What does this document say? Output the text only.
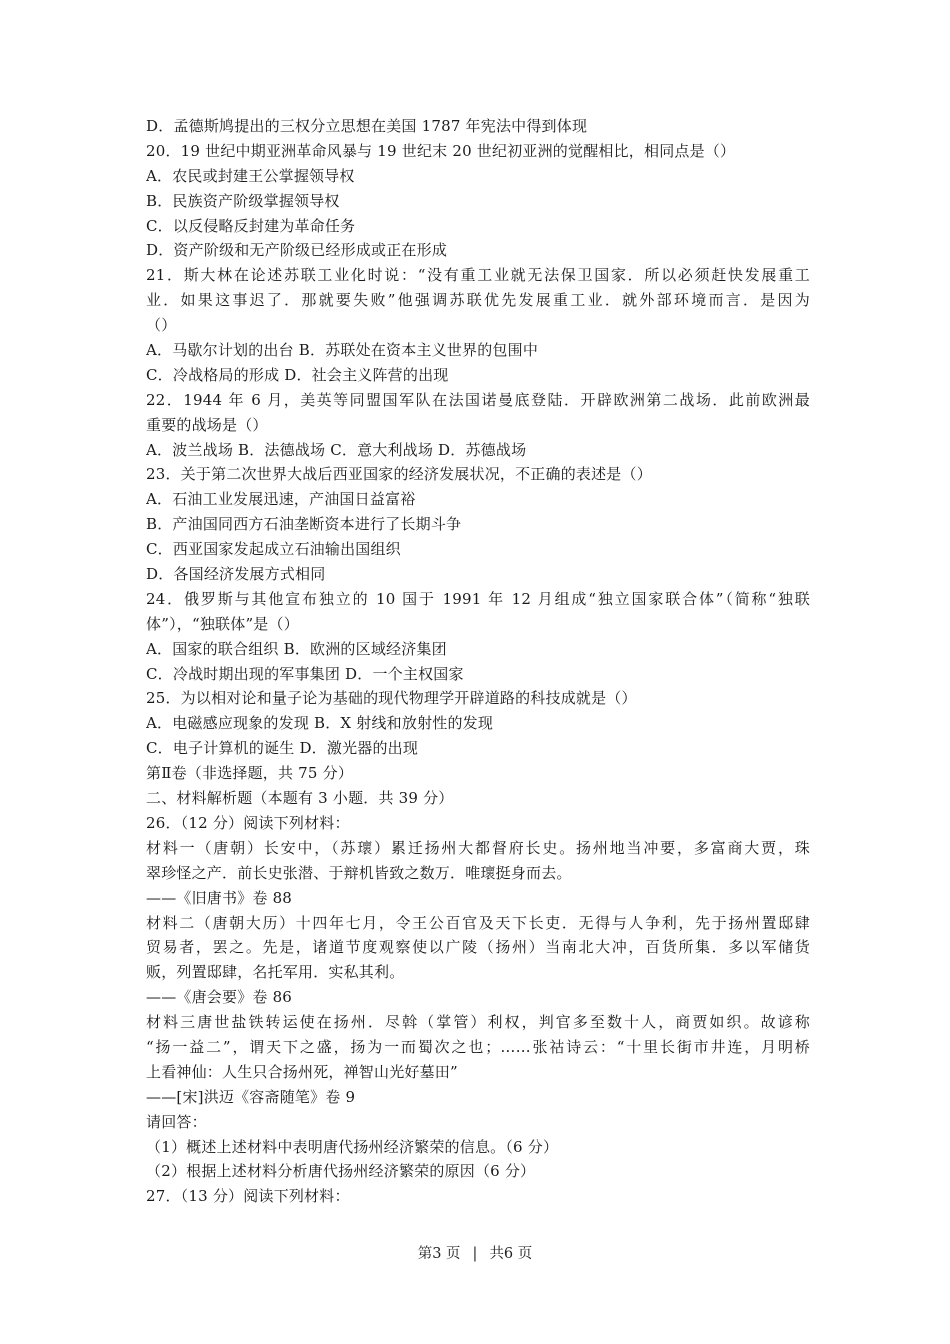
D．孟德斯鸠提出的三权分立思想在美国 1787 年宪法中得到体现
20．19 世纪中期亚洲革命风暴与 19 世纪末 20 世纪初亚洲的觉醒相比，相同点是（）
A．农民或封建王公掌握领导权
B．民族资产阶级掌握领导权
C．以反侵略反封建为革命任务
D．资产阶级和无产阶级已经形成或正在形成
21．斯大林在论述苏联工业化时说：“没有重工业就无法保卫国家．所以必须赶快发展重工
业．如果这事迟了．那就要失败”他强调苏联优先发展重工业．就外部环境而言．是因为
（）
A．马歇尔计划的出台 B．苏联处在资本主义世界的包围中
C．冷战格局的形成 D．社会主义阵营的出现
22．1944 年 6 月，美英等同盟国军队在法国诺曼底登陆．开辟欧洲第二战场．此前欧洲最
重要的战场是（）
A．波兰战场 B．法德战场 C．意大利战场 D．苏德战场
23．关于第二次世界大战后西亚国家的经济发展状况，不正确的表述是（）
A．石油工业发展迅速，产油国日益富裕
B．产油国同西方石油垄断资本进行了长期斗争
C．西亚国家发起成立石油输出国组织
D．各国经济发展方式相同
24．俄罗斯与其他宣布独立的 10 国于 1991 年 12 月组成“独立国家联合体”（简称“独联
体”），“独联体”是（）
A．国家的联合组织 B．欧洲的区域经济集团
C．冷战时期出现的军事集团 D．一个主权国家
25．为以相对论和量子论为基础的现代物理学开辟道路的科技成就是（）
A．电磁感应现象的发现 B．X 射线和放射性的发现
C．电子计算机的诞生 D．激光器的出现
第Ⅱ卷（非选择题，共 75 分）
二、材料解析题（本题有 3 小题．共 39 分）
26．（12 分）阅读下列材料：
材料一（唐朝）长安中，（苏瓌）累迁扬州大都督府长史。扬州地当冲要，多富商大贾，珠
翠珍怪之产．前长史张潜、于辩机皆致之数万．唯瓌挺身而去。
——《旧唐书》卷 88
材料二（唐朝大历）十四年七月，令王公百官及天下长吏．无得与人争利，先于扬州置邸肆
贸易者，罢之。先是，诸道节度观察使以广陵（扬州）当南北大冲，百货所集．多以军储货
贩，列置邸肆，名托军用．实私其利。
——《唐会要》卷 86
材料三唐世盐铁转运使在扬州．尽斡（掌管）利权，判官多至数十人，商贾如织。故谚称
“扬一益二”，谓天下之盛，扬为一而蜀次之也；……张祜诗云：“十里长街市井连，月明桥
上看神仙：人生只合扬州死，禅智山光好墓田”
——[宋]洪迈《容斋随笔》卷 9
请回答：
（1）概述上述材料中表明唐代扬州经济繁荣的信息。（6 分）
（2）根据上述材料分析唐代扬州经济繁荣的原因（6 分）
27．（13 分）阅读下列材料：
第3 页 | 共6 页
